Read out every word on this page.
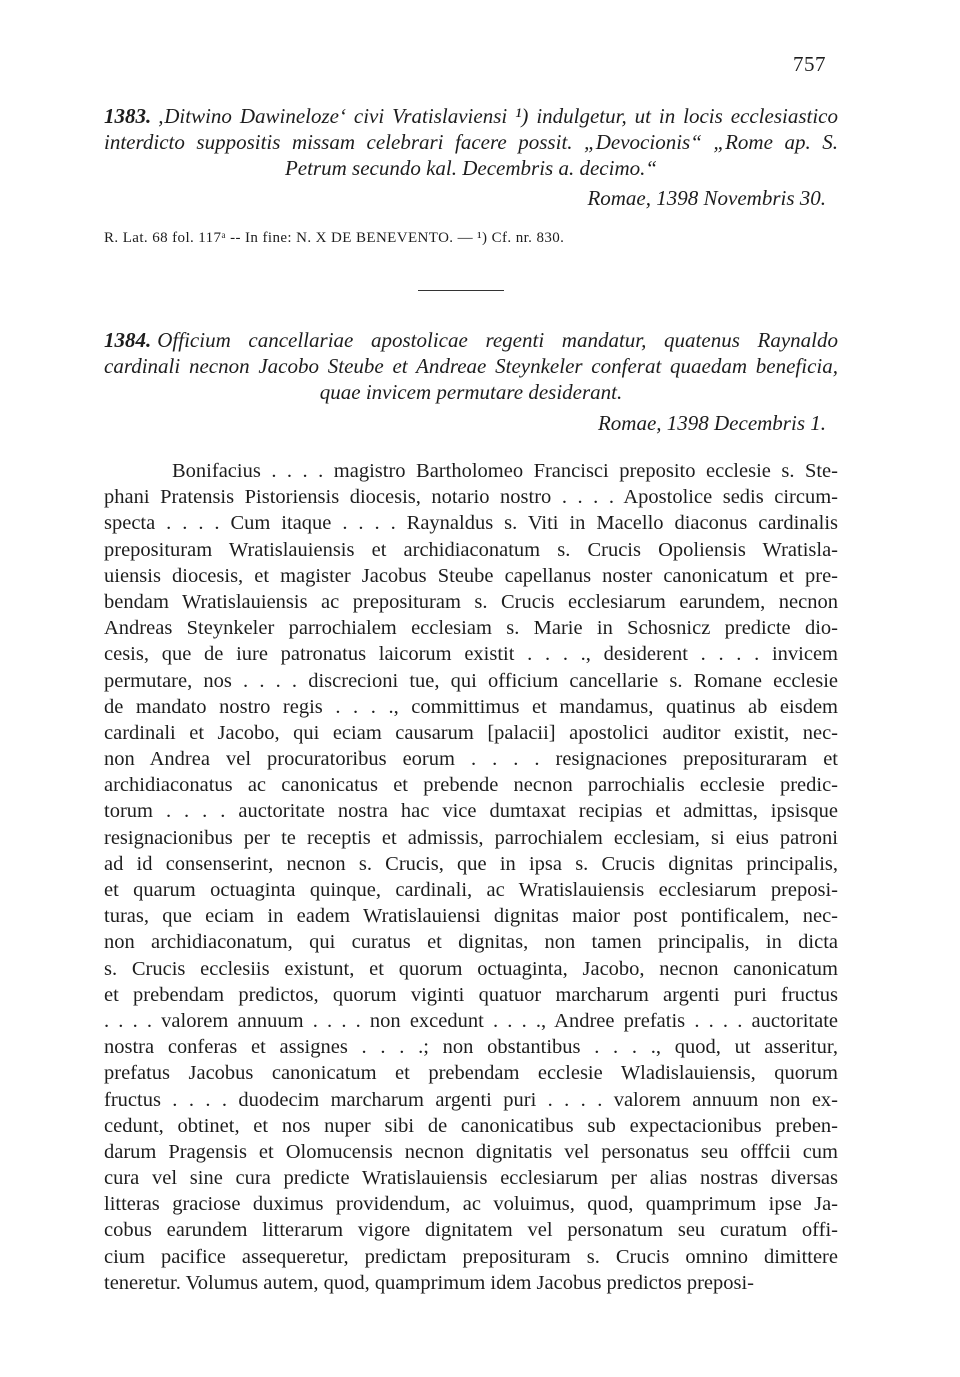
757
1383. ‚Ditwino Dawineloze‘ civi Vratislaviensi ¹) indulgetur, ut in locis ecclesiastico
interdicto suppositis missam celebrari facere possit. „Devocionis“ „Rome ap. S.
Petrum secundo kal. Decembris a. decimo.“
Romae, 1398 Novembris 30.
R. Lat. 68 fol. 117ᵃ -- In fine: N. X DE BENEVENTO. — ¹) Cf. nr. 830.
1384. Officium cancellariae apostolicae regenti mandatur, quatenus Raynaldo
cardinali necnon Jacobo Steube et Andreae Steynkeler conferat quaedam beneficia,
quae invicem permutare desiderant.
Romae, 1398 Decembris 1.
Bonifacius . . . . magistro Bartholomeo Francisci preposito ecclesie s. Ste-
phani Pratensis Pistoriensis diocesis, notario nostro . . . . Apostolice sedis circum-
specta . . . . Cum itaque . . . . Raynaldus s. Viti in Macello diaconus cardinalis
preposituram Wratislauiensis et archidiaconatum s. Crucis Opoliensis Wratisla-
uiensis diocesis, et magister Jacobus Steube capellanus noster canonicatum et pre-
bendam Wratislauiensis ac preposituram s. Crucis ecclesiarum earundem, necnon
Andreas Steynkeler parrochialem ecclesiam s. Marie in Schosnicz predicte dio-
cesis, que de iure patronatus laicorum existit . . . ., desiderent . . . . invicem
permutare, nos . . . . discrecioni tue, qui officium cancellarie s. Romane ecclesie
de mandato nostro regis . . . ., committimus et mandamus, quatinus ab eisdem
cardinali et Jacobo, qui eciam causarum [palacii] apostolici auditor existit, nec-
non Andrea vel procuratoribus eorum . . . . resignaciones preposituraram et
archidiaconatus ac canonicatus et prebende necnon parrochialis ecclesie predic-
torum . . . . auctoritate nostra hac vice dumtaxat recipias et admittas, ipsisque
resignacionibus per te receptis et admissis, parrochialem ecclesiam, si eius patroni
ad id consenserint, necnon s. Crucis, que in ipsa s. Crucis dignitas principalis,
et quarum octuaginta quinque, cardinali, ac Wratislauiensis ecclesiarum preposi-
turas, que eciam in eadem Wratislauiensi dignitas maior post pontificalem, nec-
non archidiaconatum, qui curatus et dignitas, non tamen principalis, in dicta
s. Crucis ecclesiis existunt, et quorum octuaginta, Jacobo, necnon canonicatum
et prebendam predictos, quorum viginti quatuor marcharum argenti puri fructus
. . . . valorem annuum . . . . non excedunt . . . ., Andree prefatis . . . . auctoritate
nostra conferas et assignes . . . .; non obstantibus . . . ., quod, ut asseritur,
prefatus Jacobus canonicatum et prebendam ecclesie Wladislauiensis, quorum
fructus . . . . duodecim marcharum argenti puri . . . . valorem annuum non ex-
cedunt, obtinet, et nos nuper sibi de canonicatibus sub expectacionibus preben-
darum Pragensis et Olomucensis necnon dignitatis vel personatus seu offfcii cum
cura vel sine cura predicte Wratislauiensis ecclesiarum per alias nostras diversas
litteras graciose duximus providendum, ac voluimus, quod, quamprimum ipse Ja-
cobus earundem litterarum vigore dignitatem vel personatum seu curatum offi-
cium pacifice assequeretur, predictam preposituram s. Crucis omnino dimittere
teneretur. Volumus autem, quod, quamprimum idem Jacobus predictos preposi-
